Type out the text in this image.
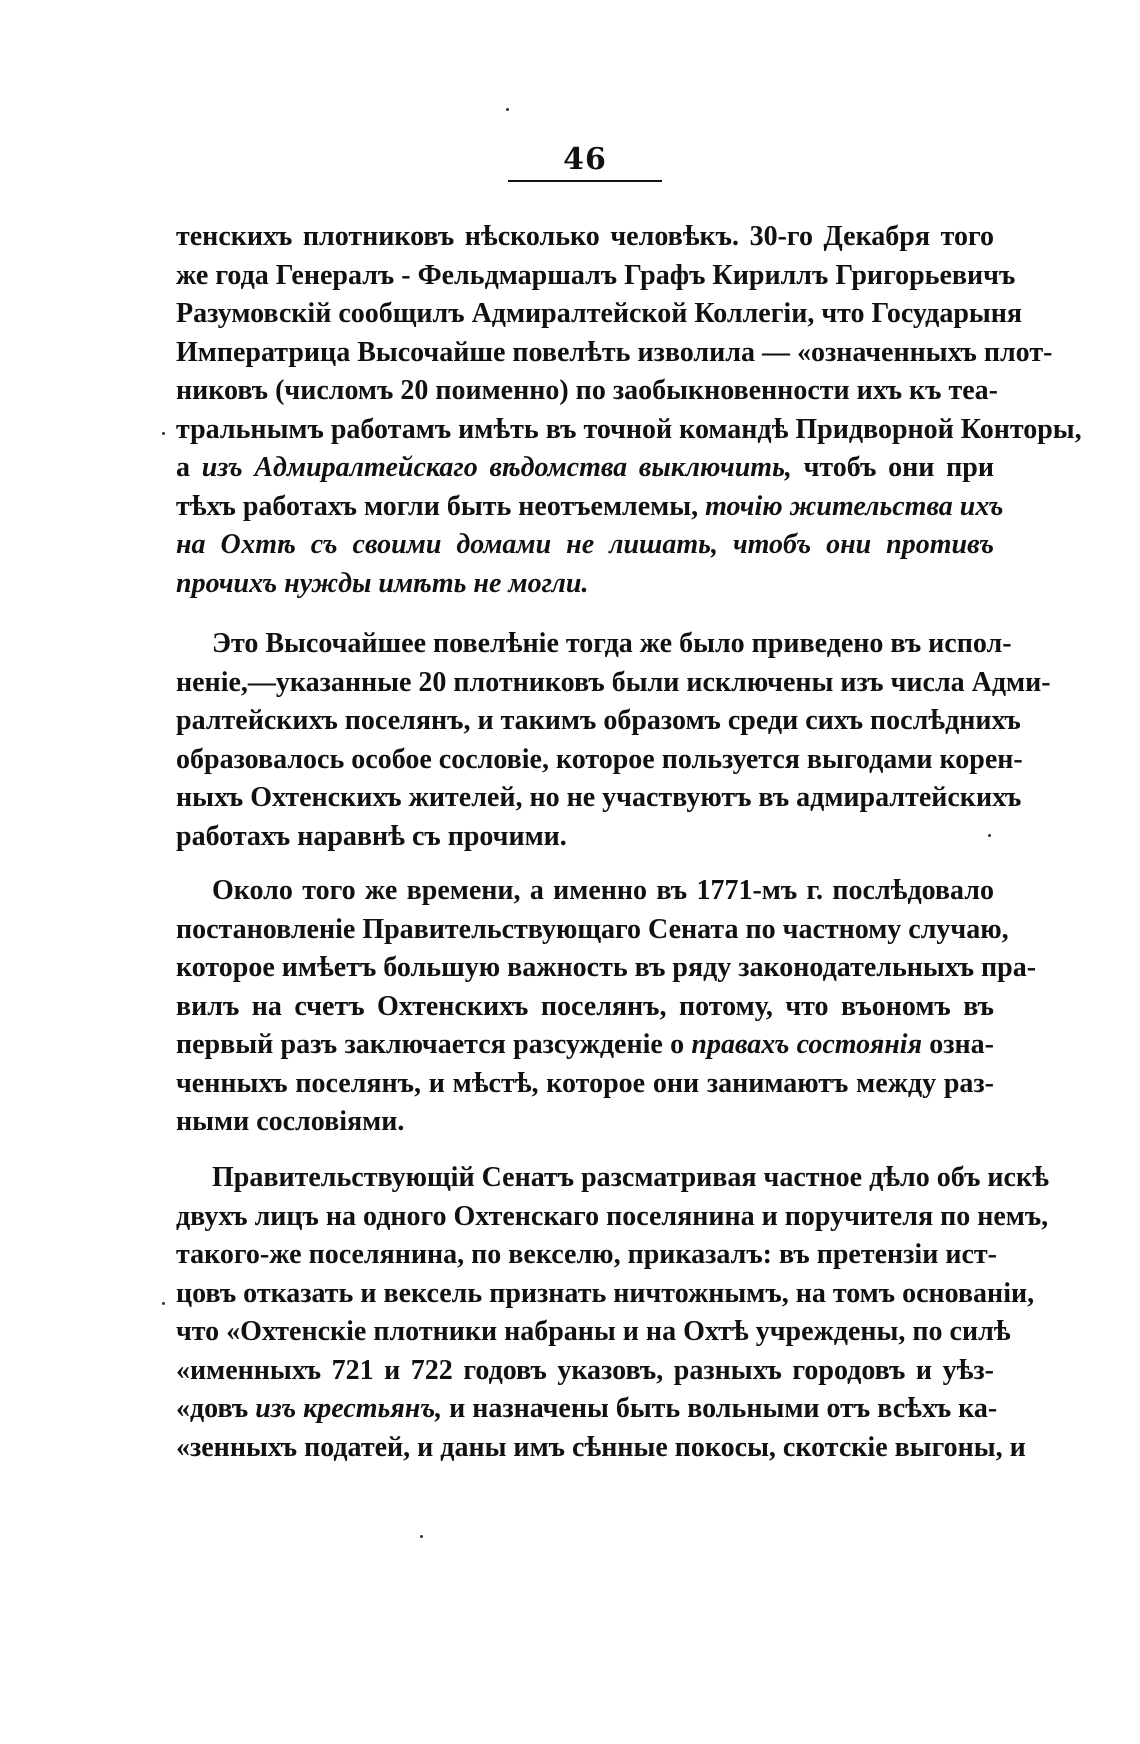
46
тенскихъ плотниковъ нѣсколько человѣкъ. 30-го Декабря того
же года Генералъ - Фельдмаршалъ Графъ Кириллъ Григорьевичъ
Разумовскій сообщилъ Адмиралтейской Коллегіи, что Государыня
Императрица Высочайше повелѣть изволила — «означенныхъ плот-
никовъ (числомъ 20 поименно) по заобыкновенности ихъ къ теа-
тральнымъ работамъ имѣть въ точной командѣ Придворной Конторы,
а изъ Адмиралтейскаго вѣдомства выключить, чтобъ они при
тѣхъ работахъ могли быть неотъемлемы, точію жительства ихъ
на Охтѣ съ своими домами не лишать, чтобъ они противъ
прочихъ нужды имѣть не могли.
Это Высочайшее повелѣніе тогда же было приведено въ испол-
неніе,—указанные 20 плотниковъ были исключены изъ числа Адми-
ралтейскихъ поселянъ, и такимъ образомъ среди сихъ послѣднихъ
образовалось особое сословіе, которое пользуется выгодами корен-
ныхъ Охтенскихъ жителей, но не участвуютъ въ адмиралтейскихъ
работахъ наравнѣ съ прочими.
Около того же времени, а именно въ 1771-мъ г. послѣдовало
постановленіе Правительствующаго Сената по частному случаю,
которое имѣетъ большую важность въ ряду законодательныхъ пра-
вилъ на счетъ Охтенскихъ поселянъ, потому, что въономъ въ
первый разъ заключается разсужденіе о правахъ состоянія озна-
ченныхъ поселянъ, и мѣстѣ, которое они занимаютъ между раз-
ными сословіями.
Правительствующій Сенатъ разсматривая частное дѣло объ искѣ
двухъ лицъ на одного Охтенскаго поселянина и поручителя по немъ,
такого-же поселянина, по векселю, приказалъ: въ претензіи ист-
цовъ отказать и вексель признать ничтожнымъ, на томъ основаніи,
что «Охтенскіе плотники набраны и на Охтѣ учреждены, по силѣ
«именныхъ 721 и 722 годовъ указовъ, разныхъ городовъ и уѣз-
«довъ изъ крестьянъ, и назначены быть вольными отъ всѣхъ ка-
«зенныхъ податей, и даны имъ сѣнные покосы, скотскіе выгоны, и
